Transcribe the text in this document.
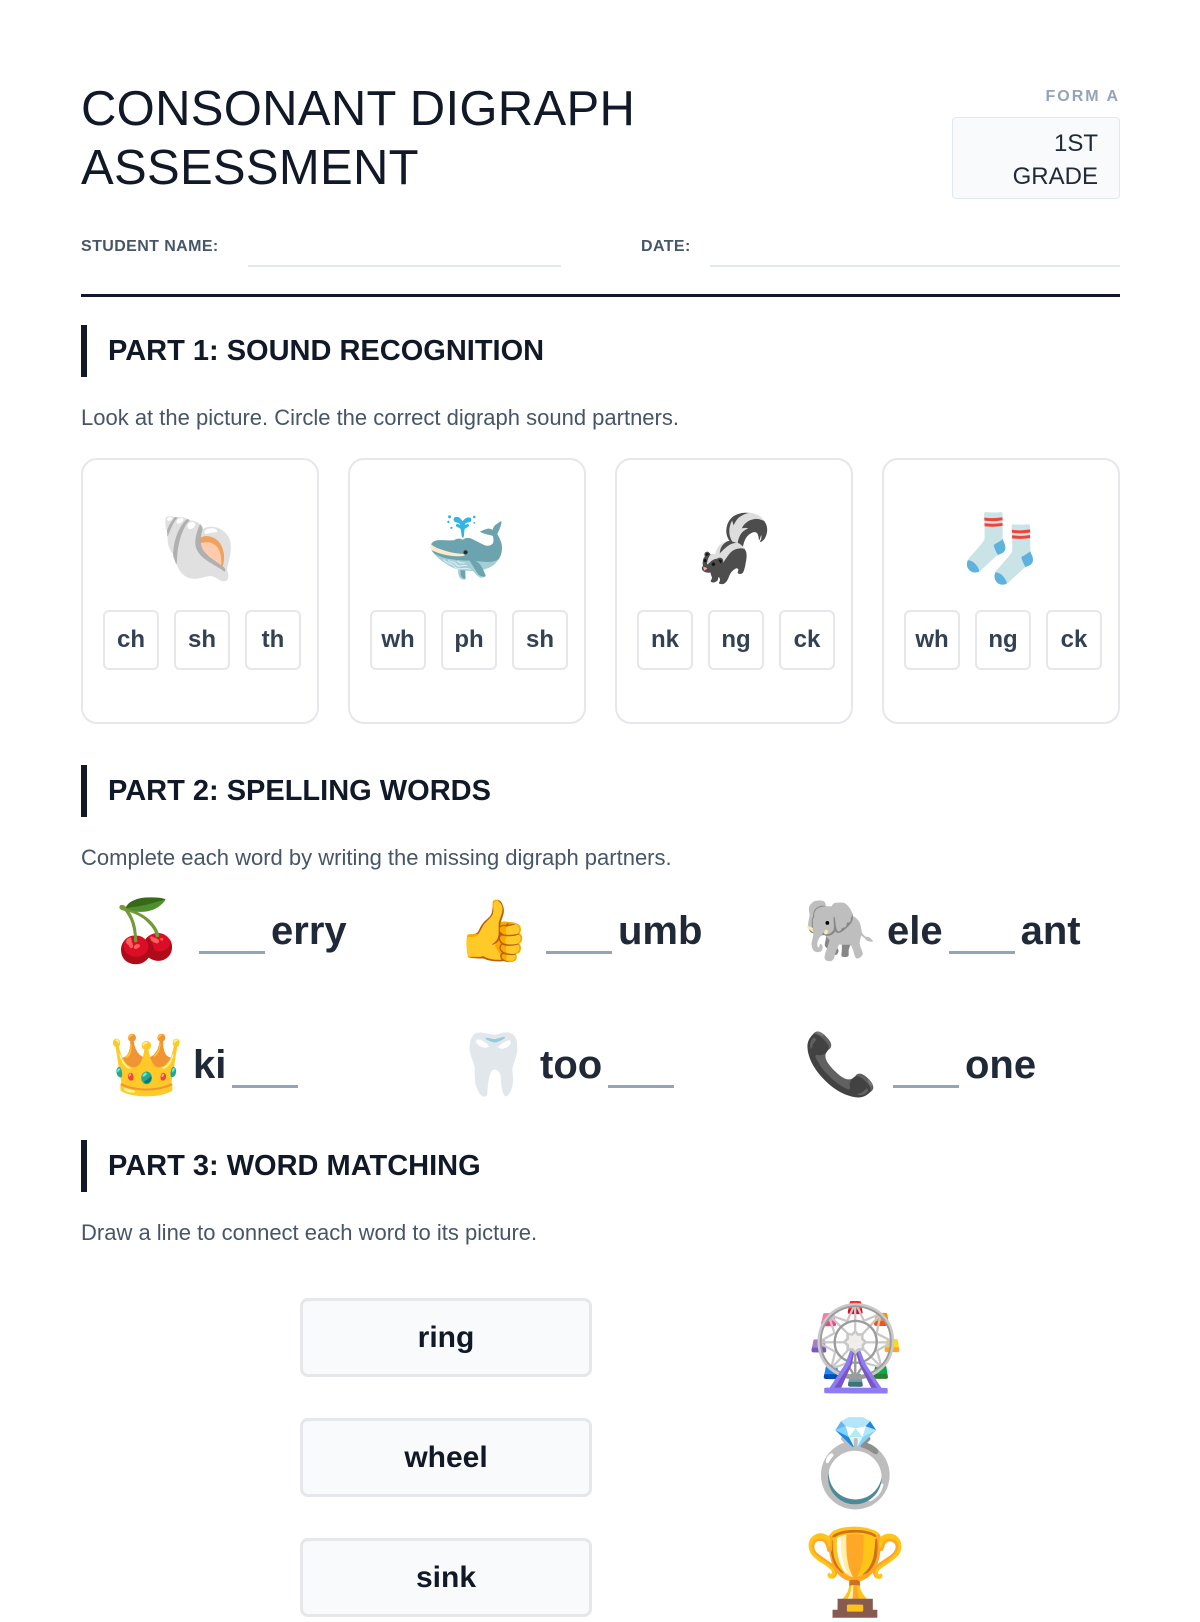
CONSONANT DIGRAPH
ASSESSMENT
FORM A
1ST
GRADE
STUDENT NAME:	DATE:
PART 1: SOUND RECOGNITION
Look at the picture. Circle the correct digraph sound partners.
🐚
ch	sh	th
🐳
wh	ph	sh
🦨
nk	ng	ck
🧦
wh	ng	ck
PART 2: SPELLING WORDS
Complete each word by writing the missing digraph partners.
🍒 erry 👍 umb 🐘 ele ant
👑 ki	🦷 too	📞 one
PART 3: WORD MATCHING
Draw a line to connect each word to its picture.
ring
wheel
sink
🎡
💍
🏆
